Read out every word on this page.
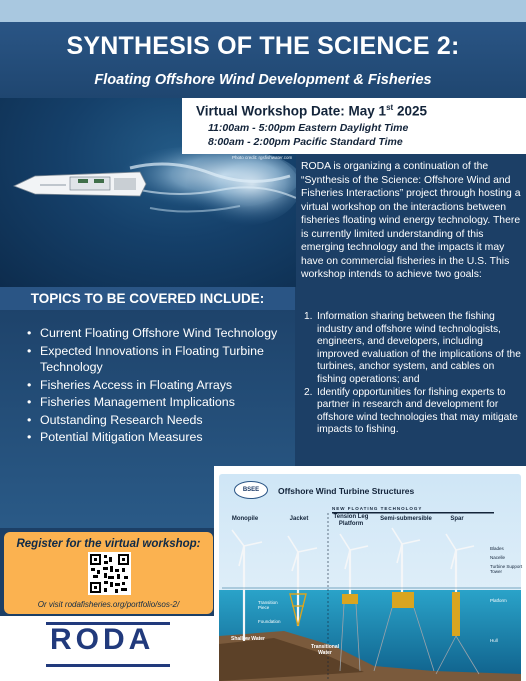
SYNTHESIS OF THE SCIENCE 2:
Floating Offshore Wind Development & Fisheries
Virtual Workshop Date: May 1st 2025
11:00am - 5:00pm Eastern Daylight Time
8:00am - 2:00pm Pacific Standard Time
Photo credit: rgsfishwater.com

RODA is organizing a continuation of the “Synthesis of the Science: Offshore Wind and Fisheries Interactions” project through hosting a virtual workshop on the interactions between fisheries floating wind energy technology. There is currently limited understanding of this emerging technology and the impacts it may have on commercial fisheries in the U.S. This workshop intends to achieve two goals:

1. Information sharing between the fishing industry and offshore wind technologists, engineers, and developers, including improved evaluation of the implications of the turbines, anchor system, and cables on fishing operations; and
2. Identify opportunities for fishing experts to partner in research and development for offshore wind technologies that may mitigate impacts to fishing.
TOPICS TO BE COVERED INCLUDE:
• Current Floating Offshore Wind Technology
• Expected Innovations in Floating Turbine Technology
• Fisheries Access in Floating Arrays
• Fisheries Management Implications
• Outstanding Research Needs
• Potential Mitigation Measures
Register for the virtual workshop:
Or visit rodafisheries.org/portfolio/sos-2/
RODA
BSEE	Offshore Wind Turbine Structures
NEW FLOATING TECHNOLOGY
Monopile	Jacket	Tension Leg Platform
Semi-submersible	Spar
Blades
Nacelle
Turbine Support Tower
Platform
Hull
Transition Piece
Foundation
Shallow Water
Transitional Water
